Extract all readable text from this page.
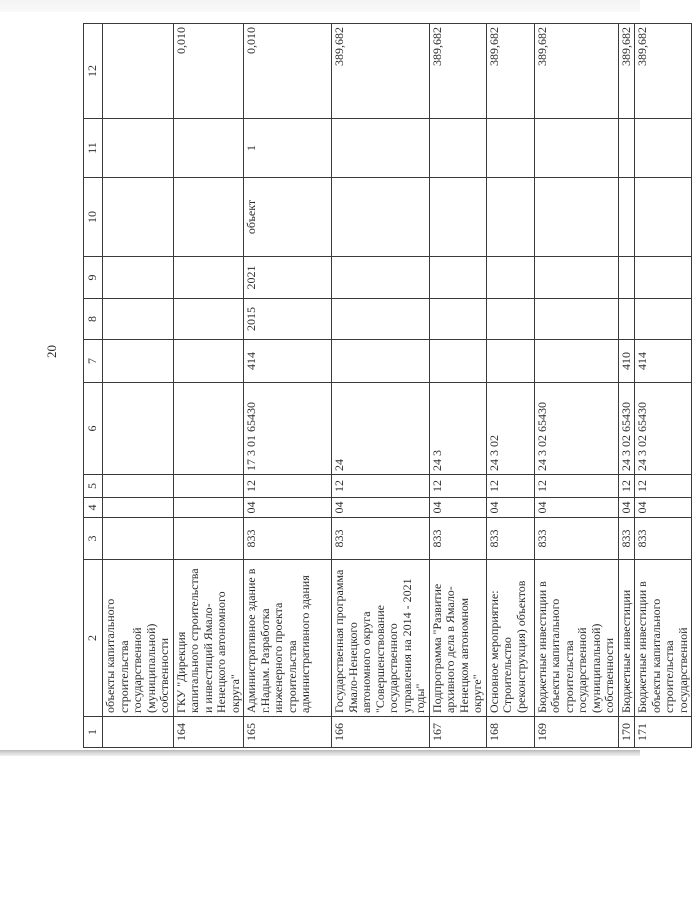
20
1	2	3	4	5	6	7	8	9	10	11	12
	объекты капитального строительства государственной (муниципальной) собственности										
164	ГКУ "Дирекция капитального строительства и инвестиций Ямало-Ненецкого автономного округа"										0,010
165	Административное здание в г.Надым. Разработка инженерного проекта строительства административного здания	833	04	12	17 3 01 65430	414	2015	2021	объект	1	0,010
166	Государственная программа Ямало-Ненецкого автономного округа "Совершенствование государственного управления на 2014 - 2021 годы"	833	04	12	24						389,682
167	Подпрограмма "Развитие архивного дела в Ямало-Ненецком автономном округе"	833	04	12	24 3						389,682
168	Основное мероприятие: Строительство (реконструкция) объектов	833	04	12	24 3 02						389,682
169	Бюджетные инвестиции в объекты капитального строительства государственной (муниципальной) собственности	833	04	12	24 3 02 65430						389,682
170	Бюджетные инвестиции	833	04	12	24 3 02 65430	410					389,682
171	Бюджетные инвестиции в объекты капитального строительства государственной	833	04	12	24 3 02 65430	414					389,682
